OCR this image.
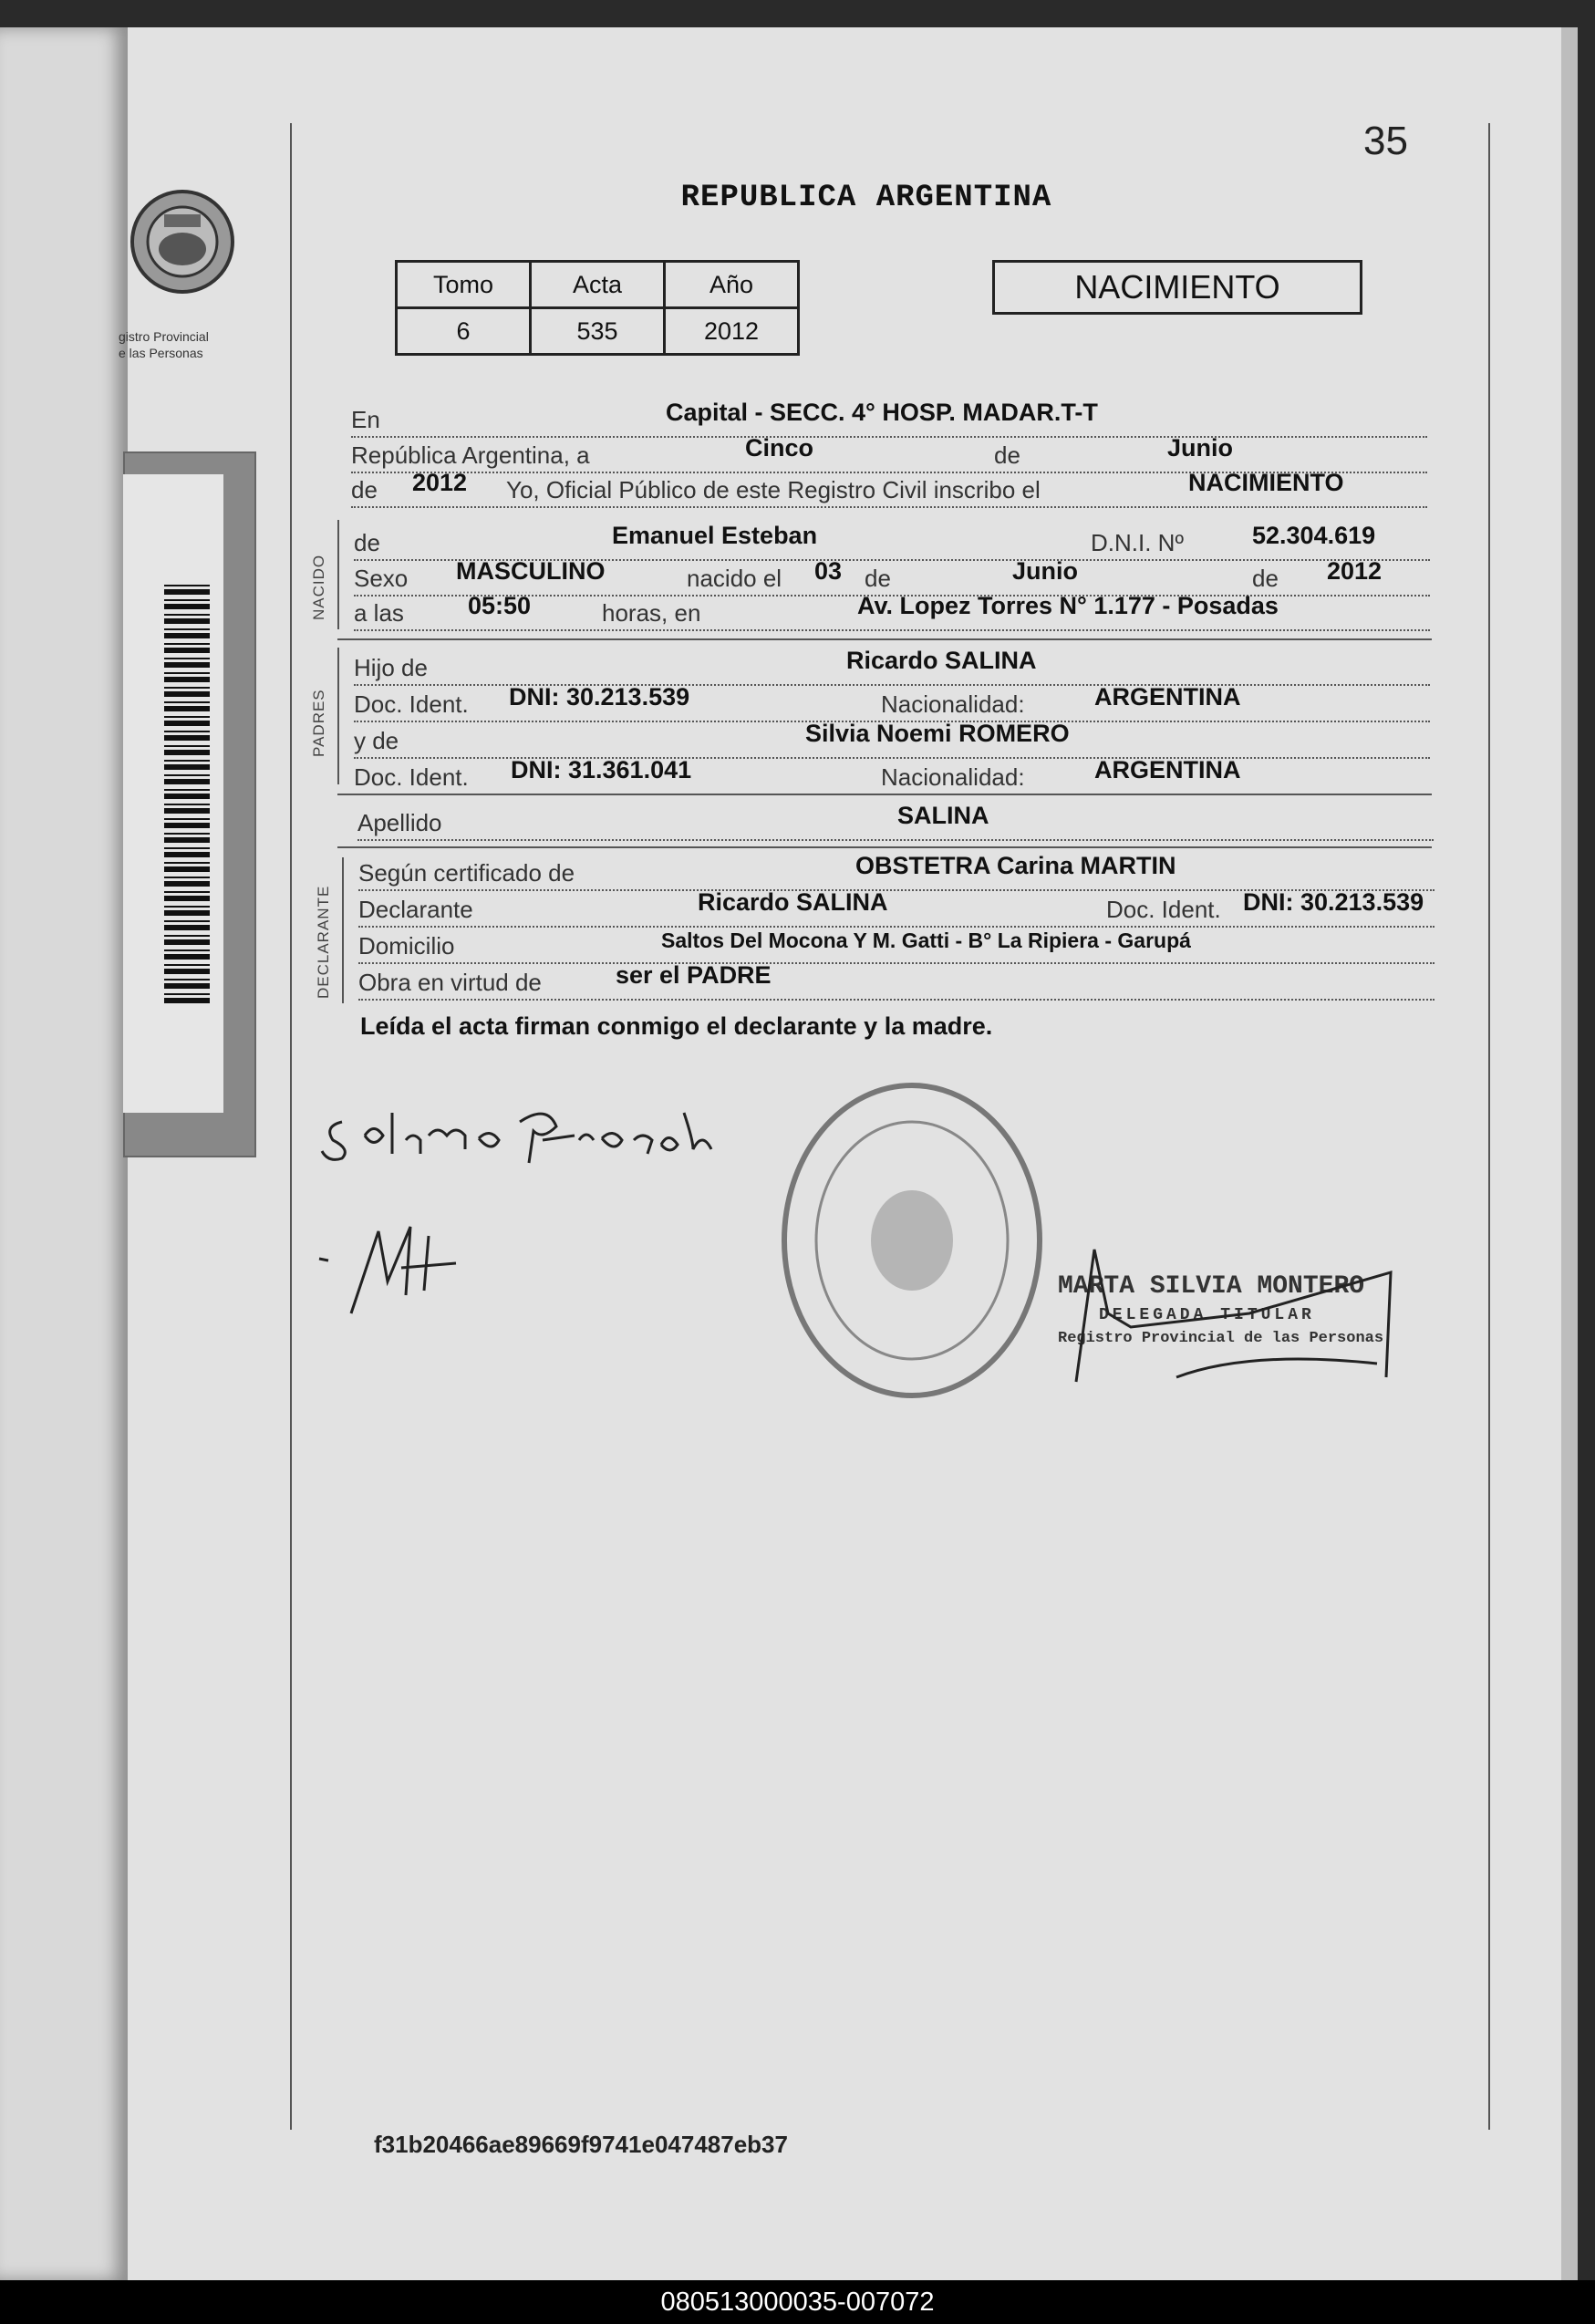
gistro Provincial
e las Personas
35
REPUBLICA ARGENTINA
Tomo	Acta	Año
6	535	2012
NACIMIENTO
En	Capital - SECC. 4° HOSP. MADAR.T-T
República Argentina, a	Cinco	de	Junio
de 2012 Yo, Oficial Público de este Registro Civil inscribo el	NACIMIENTO
NACIDO
de	Emanuel Esteban	D.N.I. Nº	52.304.619
Sexo MASCULINO	nacido el 03 de	Junio	de 2012
a las	05:50	horas, en	Av. Lopez Torres N° 1.177 - Posadas
PADRES
Hijo de	Ricardo SALINA
Doc. Ident. DNI: 30.213.539	Nacionalidad:	ARGENTINA
y de	Silvia Noemi ROMERO
Doc. Ident. DNI: 31.361.041	Nacionalidad:	ARGENTINA
Apellido	SALINA
DECLARANTE
Según certificado de	OBSTETRA Carina MARTIN
Declarante	Ricardo SALINA	Doc. Ident. DNI: 30.213.539
Domicilio	Saltos Del Mocona Y M. Gatti - B° La Ripiera - Garupá
Obra en virtud de	ser el PADRE
Leída el acta firman conmigo el declarante y la madre.
MARTA SILVIA MONTERO
DELEGADA TITULAR
Registro Provincial de las Personas
f31b20466ae89669f9741e047487eb37
080513000035-007072
